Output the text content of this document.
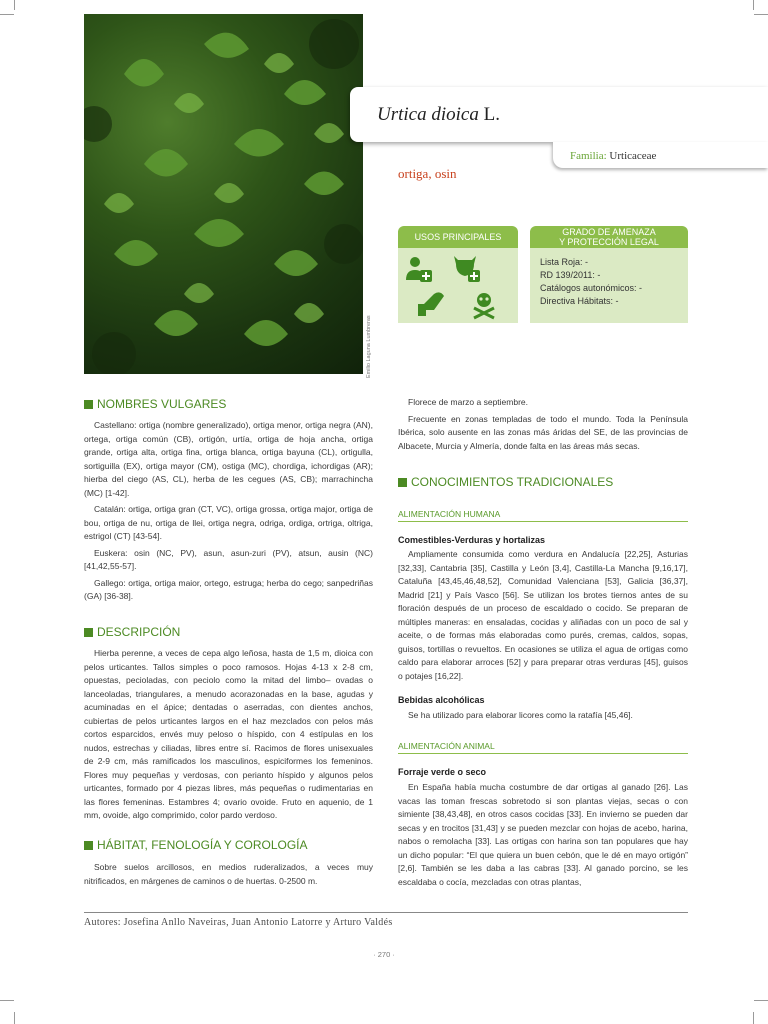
Emilio Laguna Lumbreras
Urtica dioica L.
Familia: Urticaceae
ortiga, osin
USOS PRINCIPALES	GRADO DE AMENAZA
Y PROTECCIÓN LEGAL
Lista Roja: -
RD 139/2011: -
Catálogos autonómicos: -
Directiva Hábitats: -
NOMBRES VULGARES

Castellano: ortiga (nombre generalizado), ortiga menor, ortiga negra (AN), ortega, ortiga común (CB), ortigón, urtía, ortiga de hoja ancha, ortiga grande, ortiga alta, ortiga fina, ortiga blanca, ortiga bayuna (CL), ortigulla, sortiguilla (EX), ortiga mayor (CM), ostiga (MC), chordiga, ichordigas (AR); hierba del ciego (AS, CL), herba de les cegues (AS, CB); marrachincha (MC) [1-42].

Catalán: ortiga, ortiga gran (CT, VC), ortiga grossa, ortiga major, ortiga de bou, ortiga de nu, ortiga de llei, ortiga negra, odriga, ordiga, ortriga, oltriga, estrigol (CT) [43-54].

Euskera: osin (NC, PV), asun, asun-zuri (PV), atsun, ausin (NC) [41,42,55-57].

Gallego: ortiga, ortiga maior, ortego, estruga; herba do cego; sanpedriñas (GA) [36-38].

DESCRIPCIÓN

Hierba perenne, a veces de cepa algo leñosa, hasta de 1,5 m, dioica con pelos urticantes. Tallos simples o poco ramosos. Hojas 4-13 x 2-8 cm, opuestas, pecioladas, con peciolo como la mitad del limbo– ovadas o lanceoladas, triangulares, a menudo acorazonadas en la base, agudas y acuminadas en el ápice; dentadas o aserradas, con dientes anchos, cubiertas de pelos urticantes largos en el haz mezclados con pelos más cortos esparcidos, envés muy peloso o híspido, con 4 estípulas en los nudos, estrechas y ciliadas, libres entre sí. Racimos de flores unisexuales de 2-9 cm, más ramificados los masculinos, espiciformes los femeninos. Flores muy pequeñas y verdosas, con perianto híspido y algunos pelos urticantes, formado por 4 piezas libres, más pequeñas o rudimentarias en las flores femeninas. Estambres 4; ovario ovoide. Fruto en aquenio, de 1 mm, ovoide, algo comprimido, color pardo verdoso.

HÁBITAT, FENOLOGÍA Y COROLOGÍA

Sobre suelos arcillosos, en medios ruderalizados, a veces muy nitrificados, en márgenes de caminos o de huertas. 0-2500 m.

Florece de marzo a septiembre.

Frecuente en zonas templadas de todo el mundo. Toda la Península Ibérica, solo ausente en las zonas más áridas del SE, de las provincias de Albacete, Murcia y Almería, donde falta en las áreas más secas.

CONOCIMIENTOS TRADICIONALES
ALIMENTACIÓN HUMANA
Comestibles-Verduras y hortalizas

Ampliamente consumida como verdura en Andalucía [22,25], Asturias [32,33], Cantabria [35], Castilla y León [3,4], Castilla-La Mancha [9,16,17], Cataluña [43,45,46,48,52], Comunidad Valenciana [53], Galicia [36,37], Madrid [21] y País Vasco [56]. Se utilizan los brotes tiernos antes de su floración después de un proceso de escaldado o cocido. Se preparan de múltiples maneras: en ensaladas, cocidas y aliñadas con un poco de sal y aceite, o de formas más elaboradas como purés, cremas, caldos, sopas, guisos, tortillas o revueltos. En ocasiones se utiliza el agua de ortigas como caldo para elaborar arroces [52] y para preparar otras verduras [45], guisos o potajes [16,22].

Bebidas alcohólicas

Se ha utilizado para elaborar licores como la ratafía [45,46].

ALIMENTACIÓN ANIMAL
Forraje verde o seco

En España había mucha costumbre de dar ortigas al ganado [26]. Las vacas las toman frescas sobretodo si son plantas viejas, secas o con simiente [38,43,48], en otros casos cocidas [33]. En invierno se pueden dar secas y en trocitos [31,43] y se pueden mezclar con hojas de acebo, harina, nabos o remolacha [33]. Las ortigas con harina son tan populares que hay un dicho popular: “El que quiera un buen cebón, que le dé en mayo ortigón” [2,6]. También se les daba a las cabras [33]. Al ganado porcino, se les escaldaba o cocía, mezcladas con otras plantas,

Autores: Josefina Anllo Naveiras, Juan Antonio Latorre y Arturo Valdés
· 270 ·
